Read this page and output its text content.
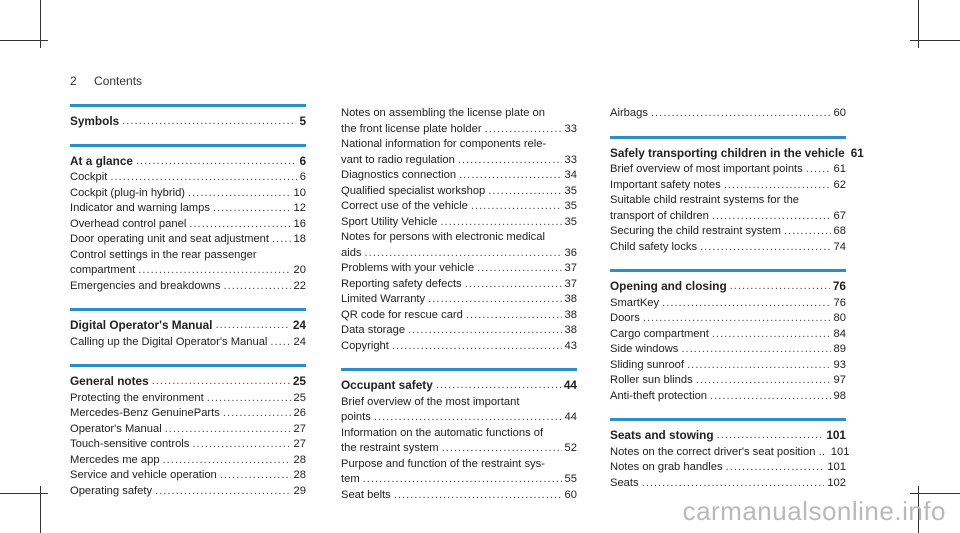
2 Contents
Symbols .....	5
At a glance .....	6
Cockpit .....	6
Cockpit (plug-in hybrid) .....	10
Indicator and warning lamps .....	12
Overhead control panel .....	16
Door operating unit and seat adjustment ..... 18
Control settings in the rear passenger
compartment .....	20
Emergencies and breakdowns .....	22
Digital Operator's Manual .....	24
Calling up the Digital Operator's Manual ..... 24
General notes .....	25
Protecting the environment .....	25
Mercedes-Benz GenuineParts .....	26
Operator's Manual .....	27
Touch-sensitive controls .....	27
Mercedes me app .....	28
Service and vehicle operation .....	28
Operating safety .....	29
Notes on assembling the license plate on
the front license plate holder .....	33
National information for components rele-
vant to radio regulation .....	33
Diagnostics connection .....	34
Qualified specialist workshop .....	35
Correct use of the vehicle .....	35
Sport Utility Vehicle .....	35
Notes for persons with electronic medical
aids .....	36
Problems with your vehicle .....	37
Reporting safety defects .....	37
Limited Warranty .....	38
QR code for rescue card .....	38
Data storage .....	38
Copyright .....	43
Occupant safety .....	44
Brief overview of the most important
points .....	44
Information on the automatic functions of
the restraint system .....	52
Purpose and function of the restraint sys-
tem .....	55
Seat belts .....	60
Airbags .....	60
Safely transporting children in the vehicle 61
Brief overview of most important points .....	61
Important safety notes .....	62
Suitable child restraint systems for the
transport of children .....	67
Securing the child restraint system .....	68
Child safety locks .....	74
Opening and closing .....	76
SmartKey .....	76
Doors .....	80
Cargo compartment .....	84
Side windows .....	89
Sliding sunroof .....	93
Roller sun blinds .....	97
Anti-theft protection .....	98
Seats and stowing .....	101
Notes on the correct driver's seat position .. 101
Notes on grab handles .....	101
Seats .....	102
carmanualsonline.info
